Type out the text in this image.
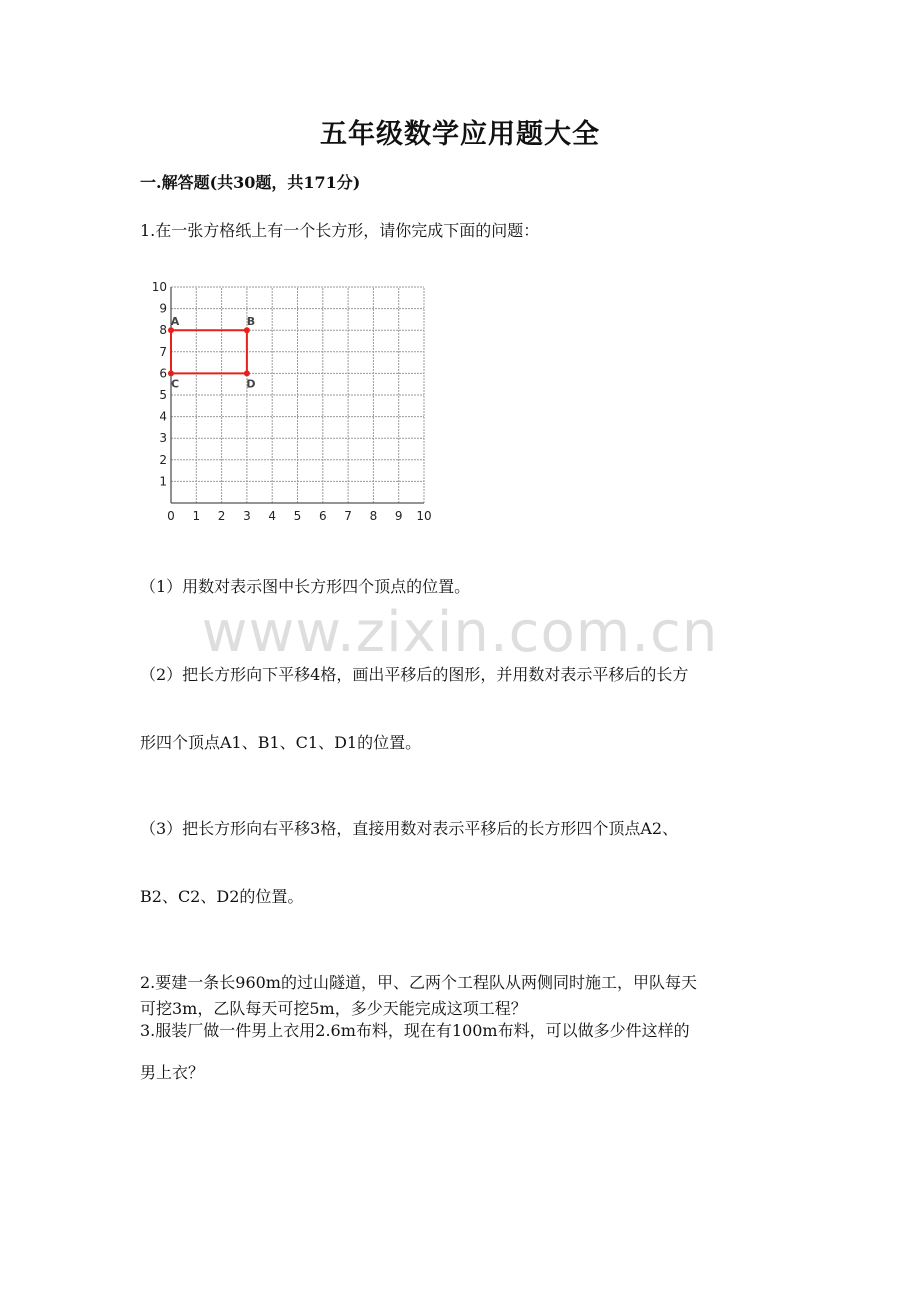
五年级数学应用题大全
一.解答题(共30题，共171分)
1.在一张方格纸上有一个长方形，请你完成下面的问题：
0 1 2 3 4 5 6 7 8 9 10
1
2
3
4
5
6
7
8
9
10
A	B
C	D
（1）用数对表示图中长方形四个顶点的位置。
www.zixin.com.cn
（2）把长方形向下平移4格，画出平移后的图形，并用数对表示平移后的长方
形四个顶点A1、B1、C1、D1的位置。
（3）把长方形向右平移3格，直接用数对表示平移后的长方形四个顶点A2、
B2、C2、D2的位置。
2.要建一条长960m的过山隧道，甲、乙两个工程队从两侧同时施工，甲队每天
可挖3m，乙队每天可挖5m，多少天能完成这项工程？
3.服装厂做一件男上衣用2.6m布料，现在有100m布料，可以做多少件这样的
男上衣？
